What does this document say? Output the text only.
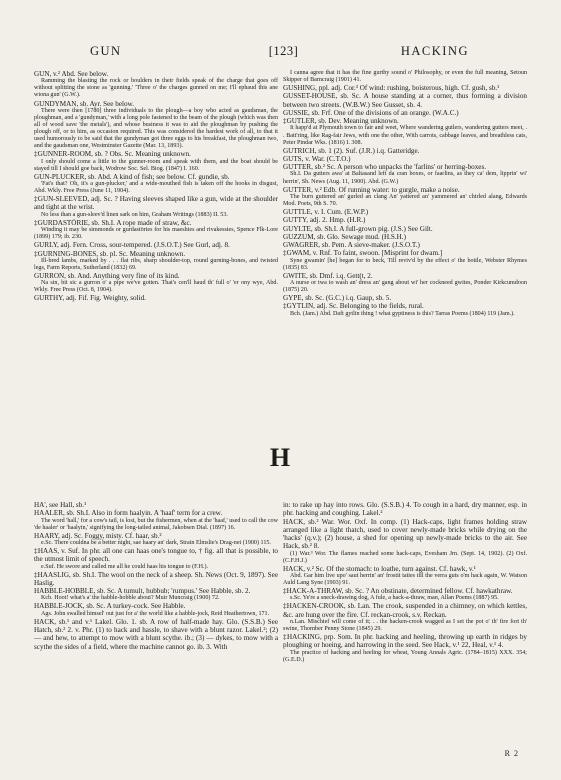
GUN	[123]	HACKING

GUN, v.² Abd. See below.

Ramming the blasting the rock or boulders in their fields speak of the charge that goes off without splitting the stone as 'gunning.' 'Three o' the charges gunned on me; I'll ephaud this ane wiona gun' (G.W.).

GUNDYMAN, sb. Ayr. See below.

There were then [1780] three individuals to the plough—a boy who acted as gaudsman, the ploughman, and a 'gundyman,' with a long pole fastened to the beam of the plough (which was then all of wood save 'the metals'), and whose business it was to aid the ploughman by pushing the plough off, or to him, as occasion required. This was considered the hardest work of all, to that it used humorously to be said that the gundyman got three eggs to his breakfast, the ploughman two, and the gaudsman one, Westminster Gazette (Mar. 13, 1893).

‡GUNNER-ROOM, sb. ? Obs. Sc. Meaning unknown.

I only should come a little to the gunner-room and speak with them, and the boat should be stayed till I should goe back, Wodrow Soc. Sel. Biog. (1847) I. 160.

GUN-PLUCKER, sb. Abd. A kind of fish; see below. Cf. gundie, sb.

'Fat's that? Oh, it's a gun-plucker,' and a wide-mouthed fish is taken off the hooks in disgust, Abd. Wkly. Free Press (June 11, 1904).

‡GUN-SLEEVED, adj. Sc. ? Having sleeves shaped like a gun, wide at the shoulder and tight at the wrist.

No less than a gun-sleev'd linen sark on him, Graham Writings (1883) II. 53.

‡GURDASTÖRIE, sb. Sh.I. A rope made of straw, &c.

Winding it may be simmonds or gurdastöries for his maeshies and rivakessies, Spence Flk-Lore (1899) 179; ib. 230.

GURLY, adj. Fern. Cross, sour-tempered. (J.S.O.T.) See Gurl, adj. 8.

‡GURNING-BONES, sb. pl. Sc. Meaning unknown.

Ill-bred lambs, marked by . . . flat ribs, sharp shoulder-top, round gurning-bones, and twisted legs, Farm Reports, Sutherland (1832) 69.

GURRON, sb. And. Anything very fine of its kind.

Na sin, bit sic a gurron o' a pipe we've gotten. That's cen'll haud th' full o' 'er ony wye, Abd. Wkly. Free Press (Oct. 8, 1904).

GURTHY, adj. Fif. Fig. Weighty, solid.

I canna agree that it has the fine gurthy sound o' Philosophy, or even the full meaning, Setoun Skipper of Barncraig (1901) 41.

GUSHING, ppl. adj. Cor.³ Of wind: rushing, boisterous, high. Cf. gush, sb.¹

GUSSET-HOUSE, sb. Sc. A house standing at a corner, thus forming a division between two streets. (W.B.W.) See Gusset, sb. 4.

GUSSIE, sb. Frf. One of the divisions of an orange. (W.A.C.)

‡GUTLER, sb. Dev. Meaning unknown.

It happ'd at Plymouth town to fair and weet, Where wandering gutlers, wandering gutters meet, . . Batt'ring, like Rag-fair Jews, with one the other, With carrots, cabbage leaves, and breathless cats, Peter Pindar Wks. (1816) I. 308.

GUTRICH, sb. 1 (2). Suf. (J.R.) i.q. Gatteridge.

GUTS, v. War. (C.T.O.)

GUTTER, sb.² Sc. A person who unpacks the 'farlins' or herring-boxes.

Sh.I. Da gutters awa' at Baltasand left da cran boxes, or faarlins, as they ca' dem, lipprin' wi' herrin', Sh. News (Aug. 11, 1900). Abd. (G.W.)

GUTTER, v.² Edb. Of running water: to gurgle, make a noise.

The burn guttered an' gurled an clang An' yattered an' yammered an' chirled alang, Edwards Mod. Poets, 9th S. 70.

GUTTLE, v. I. Cum. (E.W.P.)

GUTTY, adj. 2. Hmp. (H.R.)

GUYLTE, sb. Sh.I. A full-grown pig. (J.S.) See Gilt.

GUZZUM, sb. Glo. Sewage mud. (H.S.H.)

GWAGRER, sb. Pem. A sieve-maker. (J.S.O.T.)

‡GWAM, v. Rnf. To faint, swoon. [Misprint for dwam.]

Syne gwamin' [he] began for to beck, Till reviv'd by the effect o' the bottle, Webster Rhymes (1835) 83.

GWITE, sb. Dmf. i.q. Gett(t, 2.

A nurse or twa to wash an' dress an' gang about wi' her cockneed gwites, Ponder Kirkcumdoon (1875) 20.

GYPE, sb. Sc. (G.C.) i.q. Gaup, sb. 5.

‡GYTLIN, adj. Sc. Belonging to the fields, rural.

Bch. (Jam.) Abd. Daft gytlin thing ! what gyptiness is this? Tarras Poems (1804) 119 (Jam.).

H

HA', see Hall, sb.¹

HAALER, sb. Sh.I. Also in form haalyin. A 'haaf' term for a crew.

The word 'hall,' for a cow's tail, is lost, but the fishermen, when at the 'haaf,' used to call the cow 'de haaler' or 'haalyin,' signifying the long-tailed animal, Jakobsen Dial. (1897) 16.

HAARY, adj. Sc. Foggy, misty. Cf. haar, sb.²

e.Sc. There couldna be a better night, sae haary an' dark, Strain Elmslie's Drag-net (1900) 115.

‡HAAS, v. Suf. In phr. all one can haas one's tongue to, † fig. all that is possible, to the utmost limit of speech.

e.Suf. He swore and called me all he could haas his tongue to (F.H.).

‡HAASLIG, sb. Sh.I. The wool on the neck of a sheep. Sh. News (Oct. 9, 1897). See Haslig.

HABBLE-HOBBLE, sb. Sc. A tumult, hubbub; 'rumpus.' See Habble, sb. 2.

Kcb. Hoot! what's a' the habble-hobble about? Muir Muncraig (1900) 72.

HABBLE-JOCK, sb. Sc. A turkey-cock. See Habble.

Ags. John swalled himsel' out just for a' the world like a habble-jock, Reid Heathertown, 171.

HACK, sb.¹ and v.¹ Lakel. Glo. 1. sb. A row of half-made hay. Glo. (S.S.B.) See Hatch, sb.² 2. v. Phr. (1) to hack and hassle, to shave with a blunt razor. Lakel.²; (2) — and hew, to attempt to mow with a blunt scythe. ib.; (3) — dykes, to mow with a scythe the sides of a field, where the machine cannot go. ib. 3. With

in: to rake up hay into rows. Glo. (S.S.B.) 4. To cough in a hard, dry manner, esp. in phr. hacking and coughing. Lakel.²

HACK, sb.² War. Wor. Oxf. In comp. (1) Hack-caps, light frames holding straw arranged like a light thatch, used to cover newly-made bricks while drying on the 'hacks' (q.v.); (2) house, a shed for opening up newly-made bricks to the air. See Hack, sb.² 8.

(1) War.³ Wor. The flames reached some hack-caps, Evesham Jrn. (Sept. 14, 1902). (2) Oxf. (C.F.H.J.)

HACK, v.² Sc. Of the stomach: to loathe, turn against. Cf. hawk, v.¹

Abd. Gar him live upo' saut herrin' an' frostit taties till the verra guts o'm hack again, W. Watson Auld Lang Syne (1903) 91.

‡HACK-A-THRAW, sb. Sc. ? An obstinate, determined fellow. Cf. hawkathraw.

s.Sc. Ye're a sneck-drawing dog, A fule, a hack-a-thraw, man, Allan Poems (1887) 95.

‡HACKEN-CROOK, sb. Lan. The crook, suspended in a chimney, on which kettles, &c. are hung over the fire. Cf. reckan-crook, s.v. Reckan.

n.Lan. Mischief will come of it; . . the hacken-crook wagged as I set the pot o' th' fire fort th' swine, Thornber Penny Stone (1845) 29.

‡HACKING, prp. Som. In phr. hacking and heeling, throwing up earth in ridges by ploughing or hoeing, and harrowing in the seed. See Hack, v.¹ 22, Heal, v.¹ 4.

The practice of hacking and heeling for wheat, Young Annals Agric. (1784–1815) XXX. 354; (G.E.D.)

R 2
